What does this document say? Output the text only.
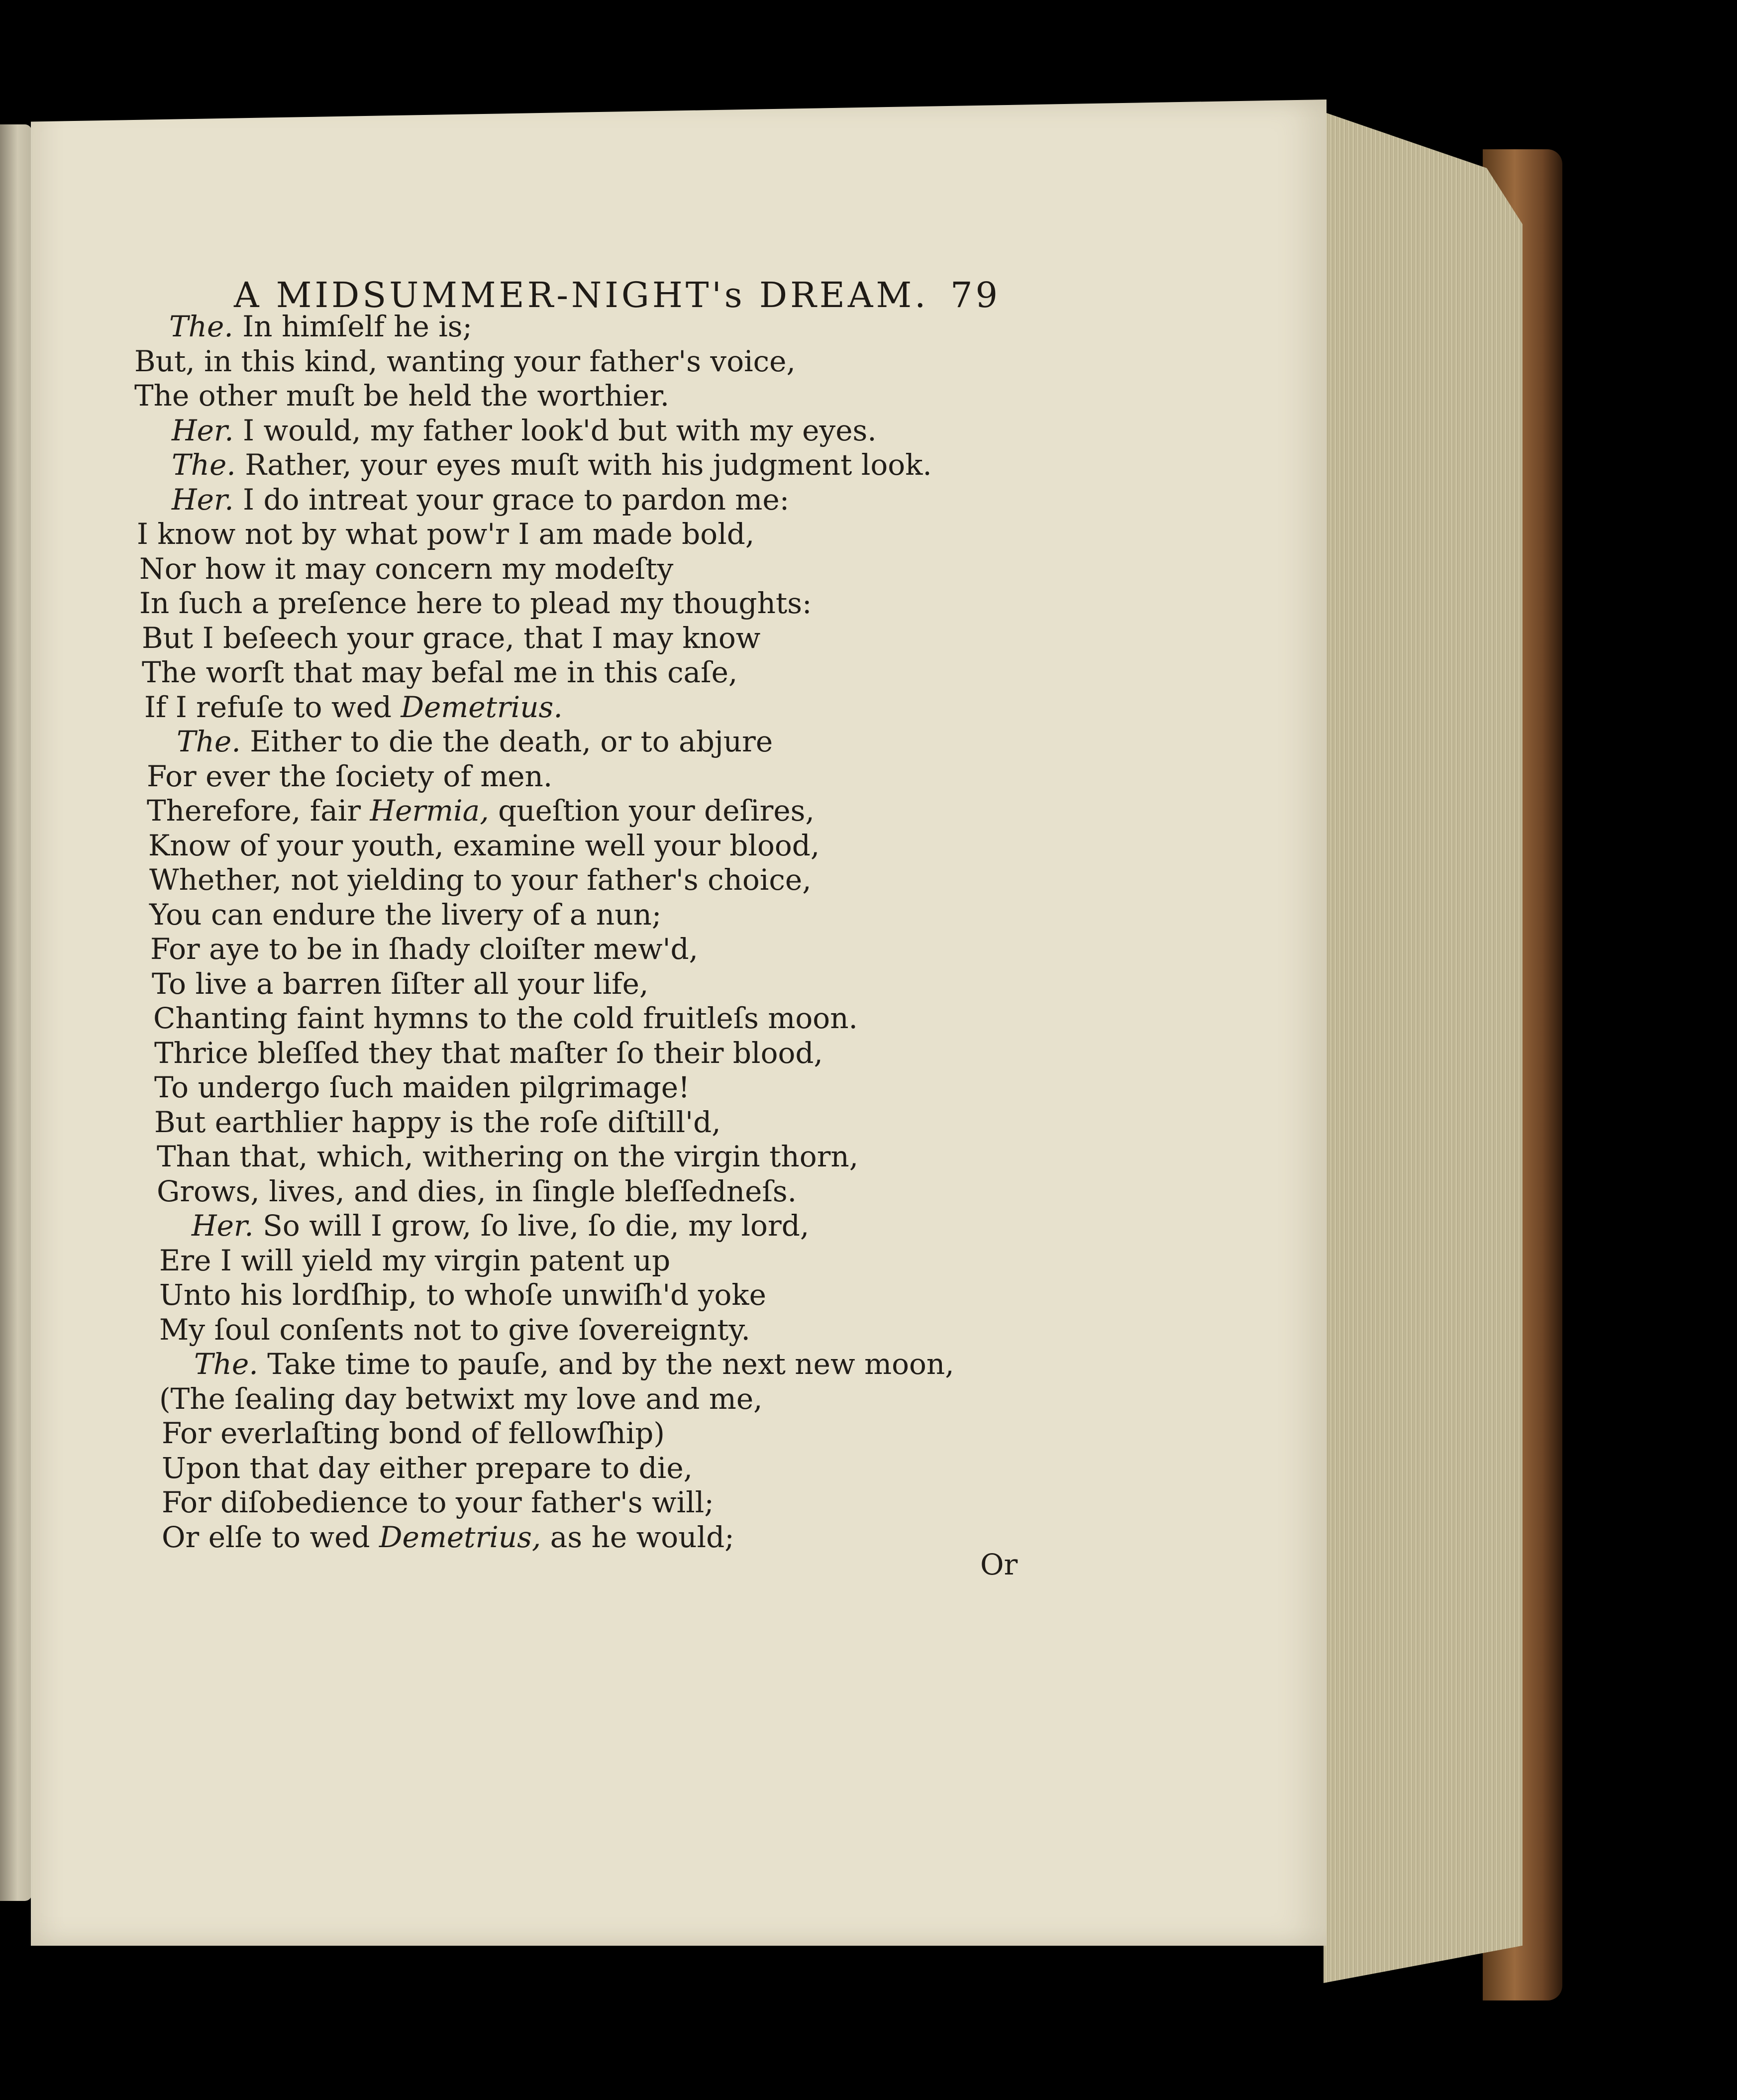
A MIDSUMMER-NIGHT's DREAM. 79
The. In himſelf he is;
But, in this kind, wanting your father's voice,
The other muſt be held the worthier.
Her. I would, my father look'd but with my eyes.
The. Rather, your eyes muſt with his judgment look.
Her. I do intreat your grace to pardon me:
I know not by what pow'r I am made bold,
Nor how it may concern my modeſty
In ſuch a preſence here to plead my thoughts:
But I beſeech your grace, that I may know
The worſt that may befal me in this caſe,
If I refuſe to wed Demetrius.
The. Either to die the death, or to abjure
For ever the ſociety of men.
Therefore, fair Hermia, queſtion your deſires,
Know of your youth, examine well your blood,
Whether, not yielding to your father's choice,
You can endure the livery of a nun;
For aye to be in ſhady cloiſter mew'd,
To live a barren ſiſter all your life,
Chanting faint hymns to the cold fruitleſs moon.
Thrice bleſſed they that maſter ſo their blood,
To undergo ſuch maiden pilgrimage!
But earthlier happy is the roſe diſtill'd,
Than that, which, withering on the virgin thorn,
Grows, lives, and dies, in ſingle bleſſedneſs.
Her. So will I grow, ſo live, ſo die, my lord,
Ere I will yield my virgin patent up
Unto his lordſhip, to whoſe unwiſh'd yoke
My ſoul conſents not to give ſovereignty.
The. Take time to pauſe, and by the next new moon,
(The ſealing day betwixt my love and me,
For everlaſting bond of fellowſhip)
Upon that day either prepare to die,
For diſobedience to your father's will;
Or elſe to wed Demetrius, as he would;
Or
